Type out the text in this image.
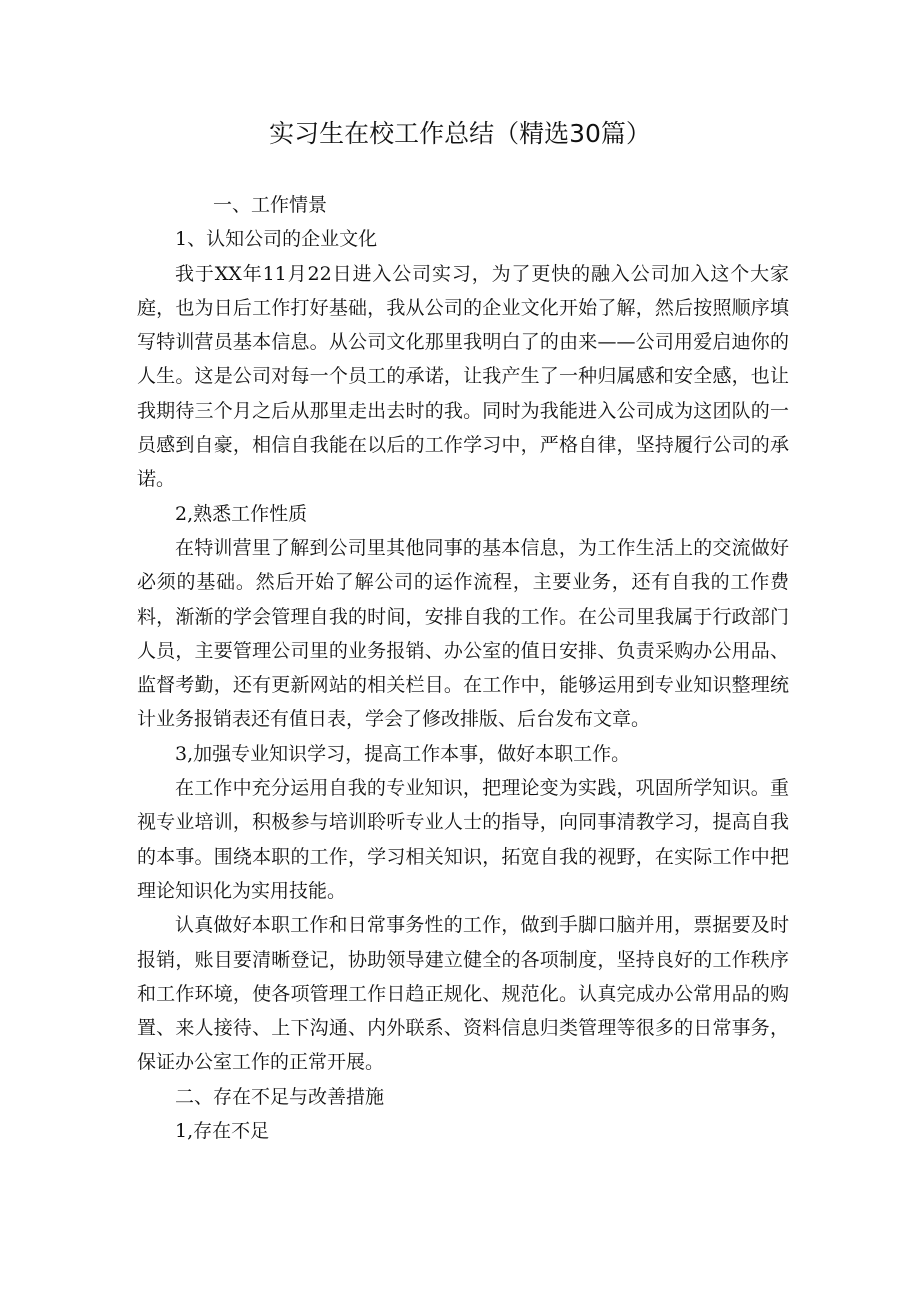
实习生在校工作总结（精选30篇）

一、工作情景

1、认知公司的企业文化

我于XX年11月22日进入公司实习，为了更快的融入公司加入这个大家庭，也为日后工作打好基础，我从公司的企业文化开始了解，然后按照顺序填写特训营员基本信息。从公司文化那里我明白了的由来——公司用爱启迪你的人生。这是公司对每一个员工的承诺，让我产生了一种归属感和安全感，也让我期待三个月之后从那里走出去时的我。同时为我能进入公司成为这团队的一员感到自豪，相信自我能在以后的工作学习中，严格自律，坚持履行公司的承诺。

2,熟悉工作性质

在特训营里了解到公司里其他同事的基本信息，为工作生活上的交流做好必须的基础。然后开始了解公司的运作流程，主要业务，还有自我的工作费料，渐渐的学会管理自我的时间，安排自我的工作。在公司里我属于行政部门人员，主要管理公司里的业务报销、办公室的值日安排、负责采购办公用品、监督考勤，还有更新网站的相关栏目。在工作中，能够运用到专业知识整理统计业务报销表还有值日表，学会了修改排版、后台发布文章。

3,加强专业知识学习，提高工作本事，做好本职工作。

在工作中充分运用自我的专业知识，把理论变为实践，巩固所学知识。重视专业培训，积极参与培训聆听专业人士的指导，向同事清教学习，提高自我的本事。围绕本职的工作，学习相关知识，拓宽自我的视野，在实际工作中把理论知识化为实用技能。

认真做好本职工作和日常事务性的工作，做到手脚口脑并用，票据要及时报销，账目要清晰登记，协助领导建立健全的各项制度，坚持良好的工作秩序和工作环境，使各项管理工作日趋正规化、规范化。认真完成办公常用品的购置、来人接待、上下沟通、内外联系、资料信息归类管理等很多的日常事务，保证办公室工作的正常开展。

二、存在不足与改善措施

1,存在不足
